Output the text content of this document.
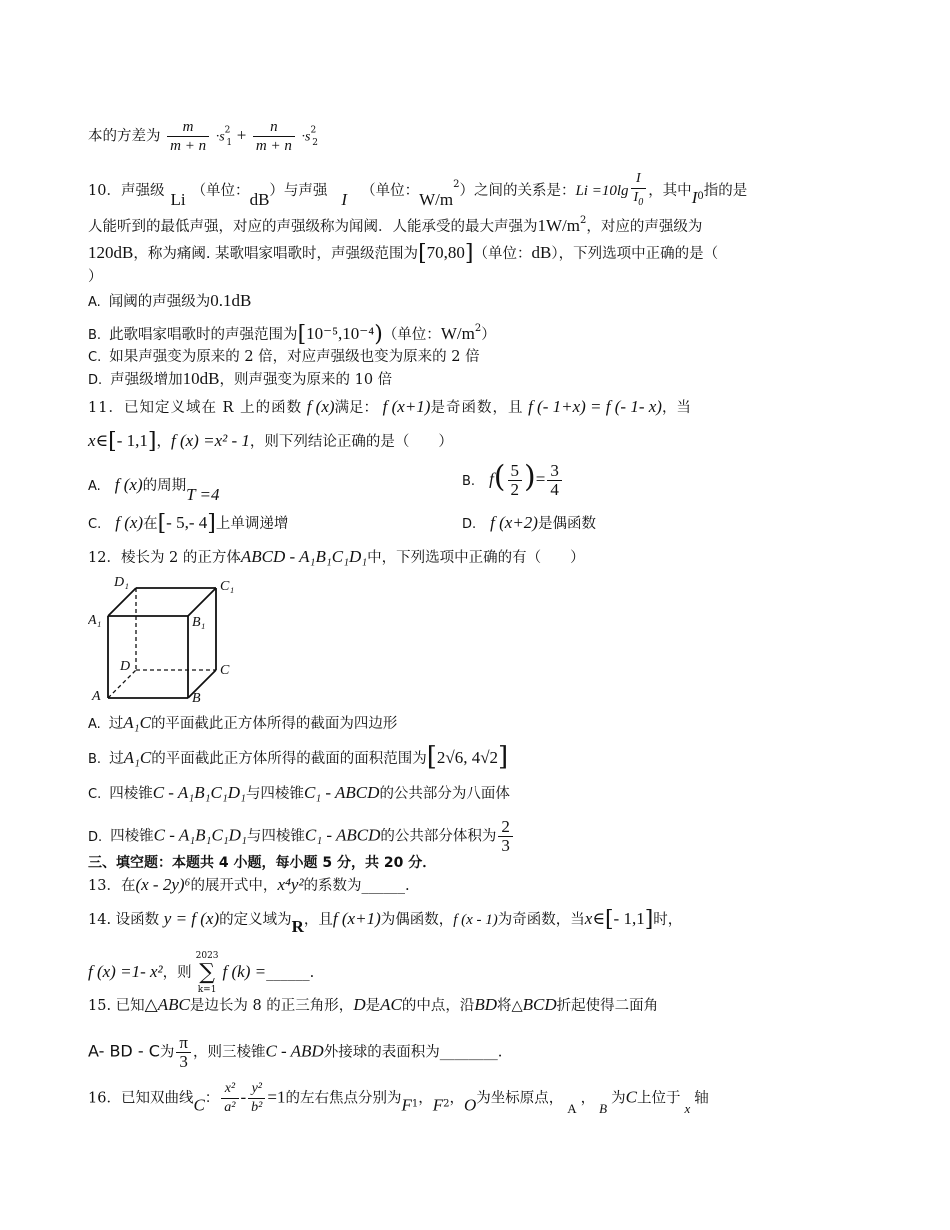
本的方差为 $\frac{m}{m + n} \cdot s^2_1 + \frac{n}{m + n} \cdot s^2_2$
10．声强级 Li （单位：dB）与声强 I （单位：$W/m^2$）之间的关系是：$Li =10\lg \frac{I}{I_0}$ ，其中$I_0$指的是
人能听到的最低声强，对应的声强级称为闻阈．人能承受的最大声强为$1W/m^2$，对应的声强级为
120dB，称为痛阈. 某歌唱家唱歌时，声强级范围为[70,80]（单位：dB），下列选项中正确的是（
）
A. 闻阈的声强级为0.1dB
B. 此歌唱家唱歌时的声强范围为[10⁻⁵,10⁻⁴)（单位：$W/m^2$）
C. 如果声强变为原来的 2 倍，对应声强级也变为原来的 2 倍
D. 声强级增加10dB，则声强变为原来的 10 倍
11．已知定义域在 R 上的函数 f (x)满足： f (x+1)是奇函数，且 f (- 1+x) = f (- 1- x)，当
x∈[- 1,1]，f (x) =x² - 1，则下列结论正确的是（　　）
A. f (x)的周期T =4
B. $f( \frac{5}{2}$ )= $\frac{3}{4}$
C. f (x)在[- 5,- 4]上单调递增	D. f (x+2)是偶函数
12．棱长为 2 的正方体ABCD - A₁B₁C₁D₁中，下列选项中正确的有（　　）
D₁	C₁
A₁	B₁
D	C
A	B
A. 过A₁C的平面截此正方体所得的截面为四边形
B. 过A₁C的平面截此正方体所得的截面的面积范围为[2√6, 4√2]
C. 四棱锥C - A₁B₁C₁D₁与四棱锥C₁ - ABCD的公共部分为八面体
D. 四棱锥C - A₁B₁C₁D₁与四棱锥C₁ - ABCD的公共部分体积为 $\frac{2}{3}$
三、填空题：本题共 4 小题，每小题 5 分，共 20 分．
13．在(x - 2y)⁶的展开式中，x⁴y²的系数为______.
14. 设函数 y = f (x)的定义域为R，且f (x+1)为偶函数，f (x - 1)为奇函数，当x∈[- 1,1]时，
f (x) =1- x²，则
2023
∑
k=1
f (k) =______.
15. 已知△ABC是边长为 8 的正三角形，D是AC的中点，沿BD将△BCD折起使得二面角
A- BD - C为 $\frac{\pi}{3}$ ，则三棱锥C - ABD外接球的表面积为________.
16．已知双曲线C： $\frac{\text{x²}}{\text{a²}} - \frac{\text{y²}}{\text{b²}} =1$的左右焦点分别为$F_1$，$F_2$，O为坐标原点，A，B为C上位于x轴
